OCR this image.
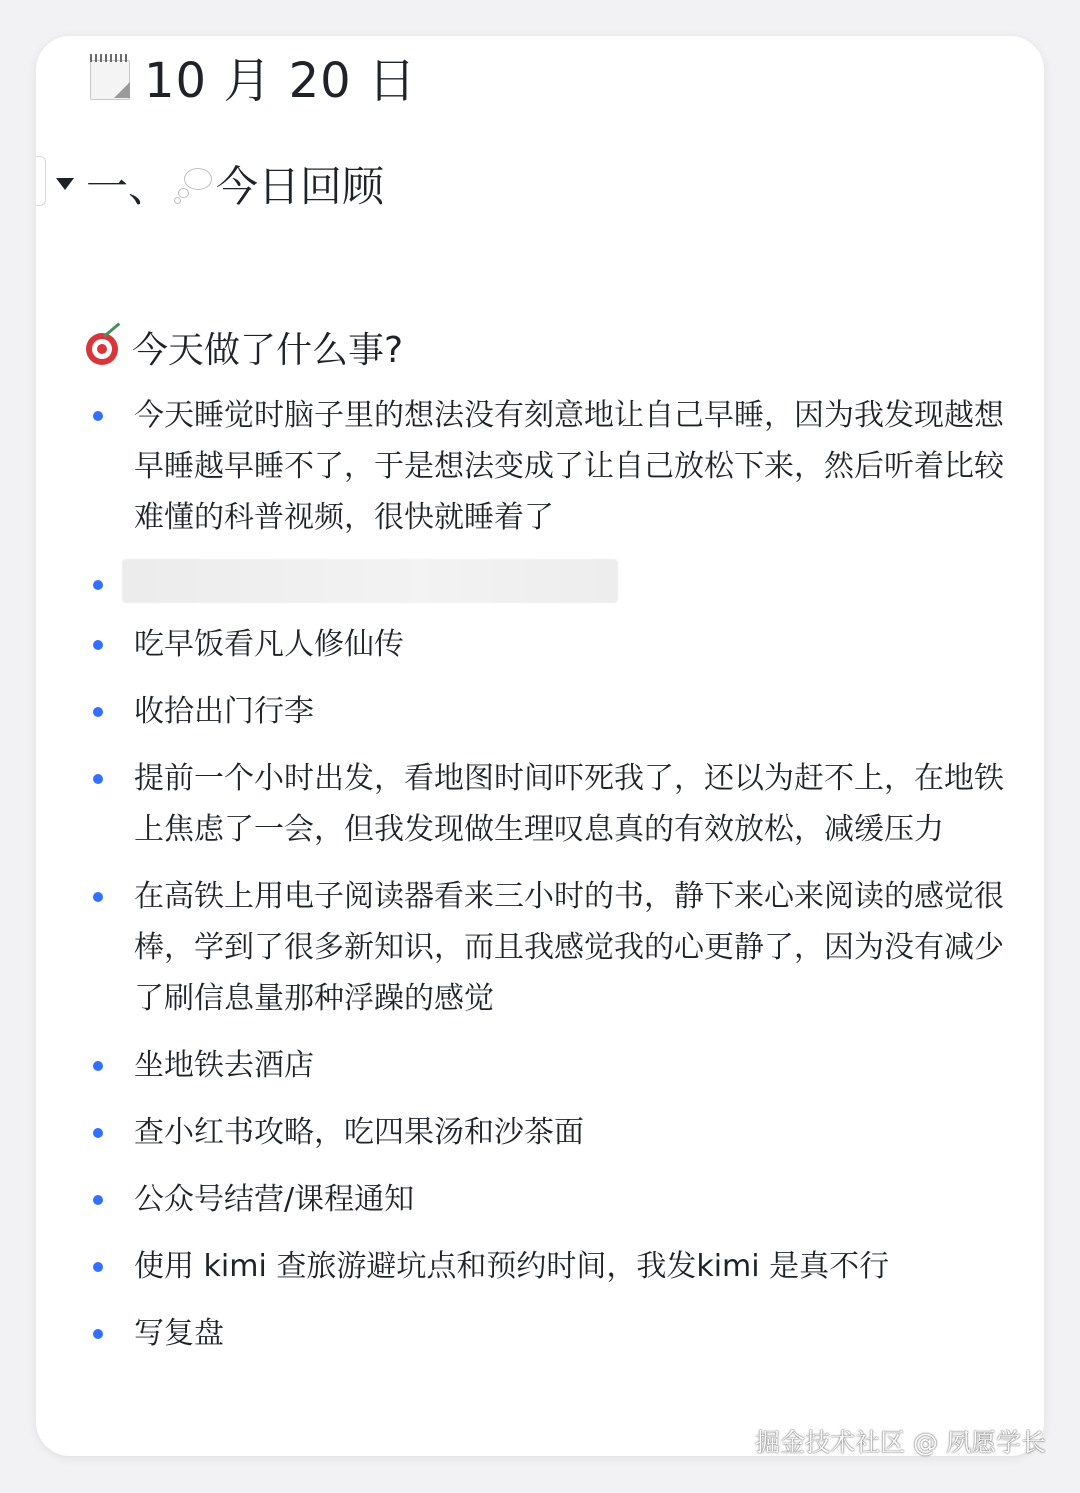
10 月 20 日
一、 今日回顾
今天做了什么事?
今天睡觉时脑子里的想法没有刻意地让自己早睡，因为我发现越想早睡越早睡不了，于是想法变成了让自己放松下来，然后听着比较难懂的科普视频，很快就睡着了
吃早饭看凡人修仙传
收拾出门行李
提前一个小时出发，看地图时间吓死我了，还以为赶不上，在地铁上焦虑了一会，但我发现做生理叹息真的有效放松，减缓压力
在高铁上用电子阅读器看来三小时的书，静下来心来阅读的感觉很棒，学到了很多新知识，而且我感觉我的心更静了，因为没有减少了刷信息量那种浮躁的感觉
坐地铁去酒店
查小红书攻略，吃四果汤和沙茶面
公众号结营/课程通知
使用 kimi 查旅游避坑点和预约时间，我发kimi 是真不行
写复盘
掘金技术社区 @ 夙愿学长
